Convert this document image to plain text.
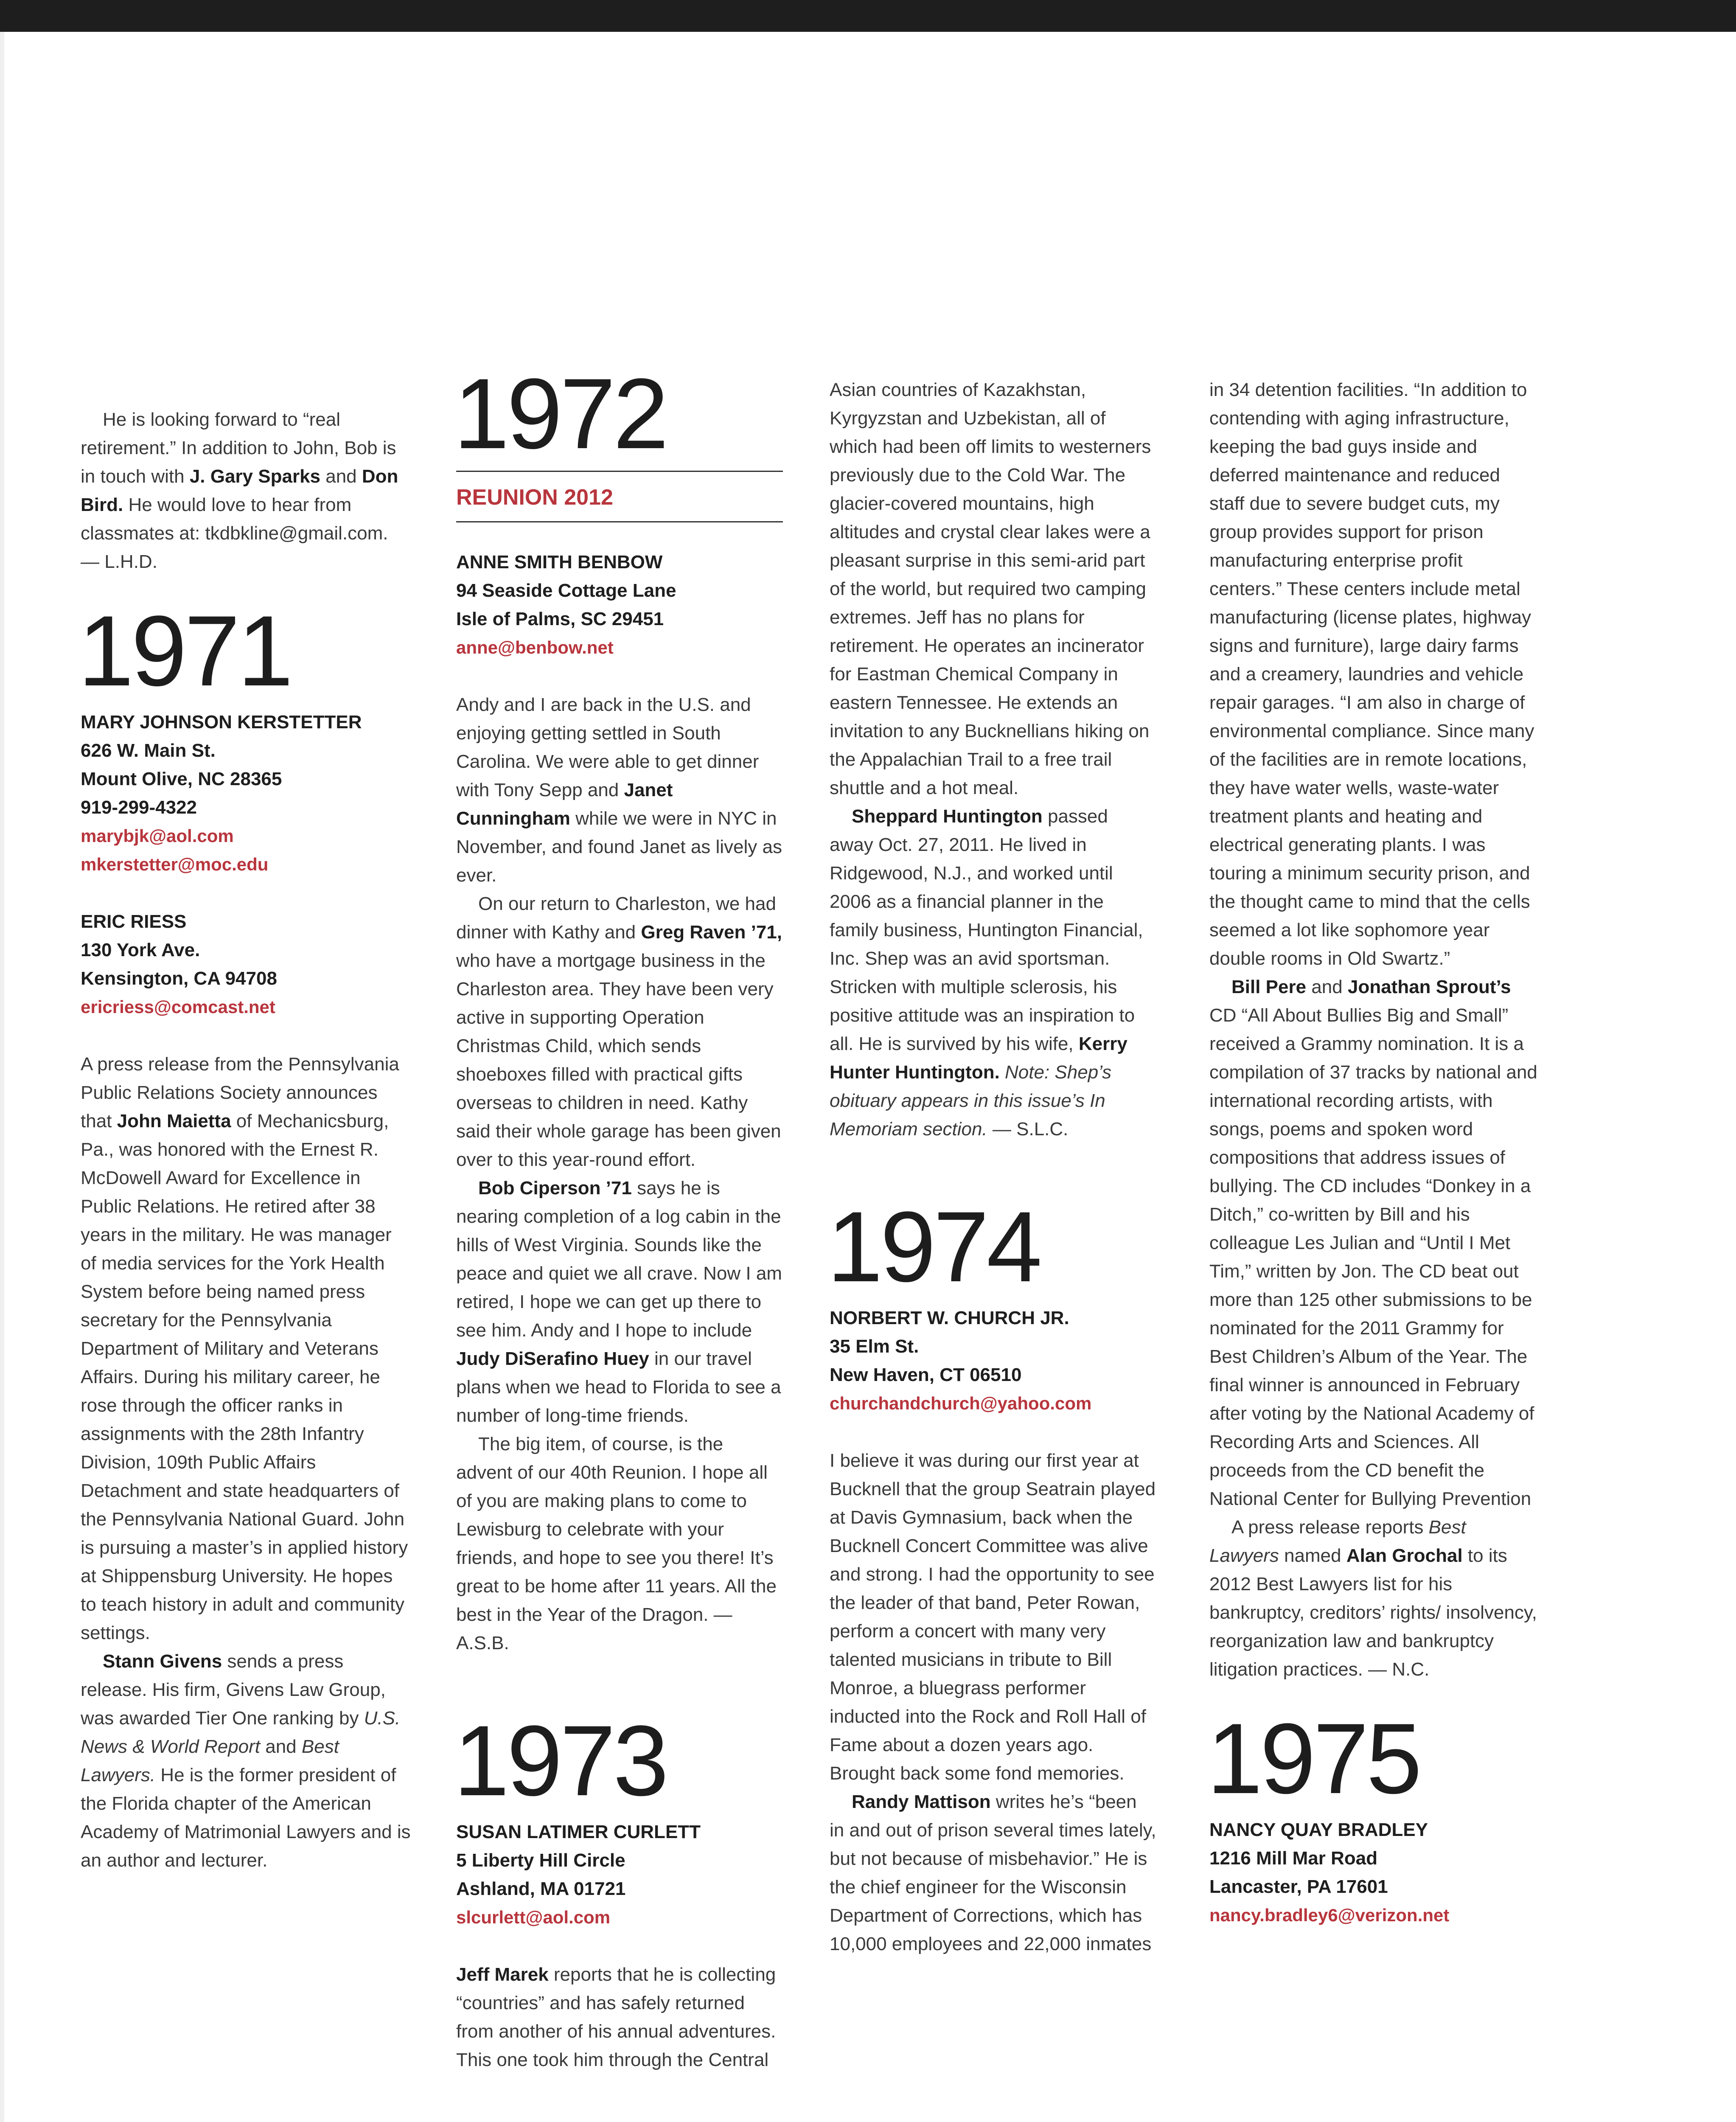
He is looking forward to “real retirement.” In addition to John, Bob is in touch with J. Gary Sparks and Don Bird. He would love to hear from classmates at: tkdbkline@gmail.com. — L.H.D.

1971
MARY JOHNSON KERSTETTER
626 W. Main St.
Mount Olive, NC 28365
919-299-4322
marybjk@aol.com
mkerstetter@moc.edu
ERIC RIESS
130 York Ave.
Kensington, CA 94708
ericriess@comcast.net

A press release from the Pennsylvania Public Relations Society announces that John Maietta of Mechanicsburg, Pa., was honored with the Ernest R. McDowell Award for Excellence in Public Relations. He retired after 38 years in the military. He was manager of media services for the York Health System before being named press secretary for the Pennsylvania Department of Military and Veterans Affairs. During his military career, he rose through the officer ranks in assignments with the 28th Infantry Division, 109th Public Affairs Detachment and state headquarters of the Pennsylvania National Guard. John is pursuing a master’s in applied history at Shippensburg University. He hopes to teach history in adult and community settings.

Stann Givens sends a press release. His firm, Givens Law Group, was awarded Tier One ranking by U.S. News & World Report and Best Lawyers. He is the former president of the Florida chapter of the American Academy of Matrimonial Lawyers and is an author and lecturer.

1972
REUNION 2012
ANNE SMITH BENBOW
94 Seaside Cottage Lane
Isle of Palms, SC 29451
anne@benbow.net

Andy and I are back in the U.S. and enjoying getting settled in South Carolina. We were able to get dinner with Tony Sepp and Janet Cunningham while we were in NYC in November, and found Janet as lively as ever.

On our return to Charleston, we had dinner with Kathy and Greg Raven ’71, who have a mortgage business in the Charleston area. They have been very active in supporting Operation Christmas Child, which sends shoeboxes filled with practical gifts overseas to children in need. Kathy said their whole garage has been given over to this year-round effort.

Bob Ciperson ’71 says he is nearing completion of a log cabin in the hills of West Virginia. Sounds like the peace and quiet we all crave. Now I am retired, I hope we can get up there to see him. Andy and I hope to include Judy DiSerafino Huey in our travel plans when we head to Florida to see a number of long-time friends.

The big item, of course, is the advent of our 40th Reunion. I hope all of you are making plans to come to Lewisburg to celebrate with your friends, and hope to see you there! It’s great to be home after 11 years. All the best in the Year of the Dragon. — A.S.B.

1973
SUSAN LATIMER CURLETT
5 Liberty Hill Circle
Ashland, MA 01721
slcurlett@aol.com

Jeff Marek reports that he is collecting “countries” and has safely returned from another of his annual adventures. This one took him through the Central

Asian countries of Kazakhstan, Kyrgyzstan and Uzbekistan, all of which had been off limits to westerners previously due to the Cold War. The glacier-covered mountains, high altitudes and crystal clear lakes were a pleasant surprise in this semi-arid part of the world, but required two camping extremes. Jeff has no plans for retirement. He operates an incinerator for Eastman Chemical Company in eastern Tennessee. He extends an invitation to any Bucknellians hiking on the Appalachian Trail to a free trail shuttle and a hot meal.

Sheppard Huntington passed away Oct. 27, 2011. He lived in Ridgewood, N.J., and worked until 2006 as a financial planner in the family business, Huntington Financial, Inc. Shep was an avid sportsman. Stricken with multiple sclerosis, his positive attitude was an inspiration to all. He is survived by his wife, Kerry Hunter Huntington. Note: Shep’s obituary appears in this issue’s In Memoriam section. — S.L.C.

1974
NORBERT W. CHURCH JR.
35 Elm St.
New Haven, CT 06510
churchandchurch@yahoo.com

I believe it was during our first year at Bucknell that the group Seatrain played at Davis Gymnasium, back when the Bucknell Concert Committee was alive and strong. I had the opportunity to see the leader of that band, Peter Rowan, perform a concert with many very talented musicians in tribute to Bill Monroe, a bluegrass performer inducted into the Rock and Roll Hall of Fame about a dozen years ago. Brought back some fond memories.

Randy Mattison writes he’s “been in and out of prison several times lately, but not because of misbehavior.” He is the chief engineer for the Wisconsin Department of Corrections, which has 10,000 employees and 22,000 inmates

in 34 detention facilities. “In addition to contending with aging infrastructure, keeping the bad guys inside and deferred maintenance and reduced staff due to severe budget cuts, my group provides support for prison manufacturing enterprise profit centers.” These centers include metal manufacturing (license plates, highway signs and furniture), large dairy farms and a creamery, laundries and vehicle repair garages. “I am also in charge of environmental compliance. Since many of the facilities are in remote locations, they have water wells, waste-water treatment plants and heating and electrical generating plants. I was touring a minimum security prison, and the thought came to mind that the cells seemed a lot like sophomore year double rooms in Old Swartz.”

Bill Pere and Jonathan Sprout’s CD “All About Bullies Big and Small” received a Grammy nomination. It is a compilation of 37 tracks by national and international recording artists, with songs, poems and spoken word compositions that address issues of bullying. The CD includes “Donkey in a Ditch,” co-written by Bill and his colleague Les Julian and “Until I Met Tim,” written by Jon. The CD beat out more than 125 other submissions to be nominated for the 2011 Grammy for Best Children’s Album of the Year. The final winner is announced in February after voting by the National Academy of Recording Arts and Sciences. All proceeds from the CD benefit the National Center for Bullying Prevention

A press release reports Best Lawyers named Alan Grochal to its 2012 Best Lawyers list for his bankruptcy, creditors’ rights/ insolvency, reorganization law and bankruptcy litigation practices. — N.C.

1975
NANCY QUAY BRADLEY
1216 Mill Mar Road
Lancaster, PA 17601
nancy.bradley6@verizon.net
